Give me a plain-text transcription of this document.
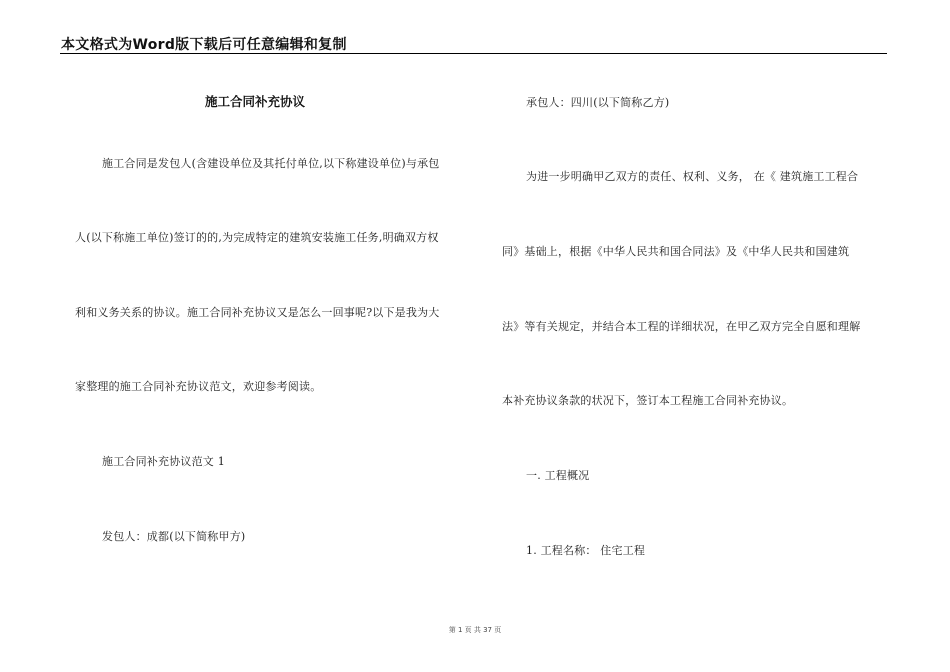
本文格式为Word版下载后可任意编辑和复制
施工合同补充协议
施工合同是发包人(含建设单位及其托付单位,以下称建设单位)与承包
人(以下称施工单位)签订的的,为完成特定的建筑安装施工任务,明确双方权
利和义务关系的协议。施工合同补充协议又是怎么一回事呢?以下是我为大
家整理的施工合同补充协议范文，欢迎参考阅读。
施工合同补充协议范文 1
发包人：成都(以下简称甲方)
承包人：四川(以下简称乙方)
为进一步明确甲乙双方的责任、权利、义务， 在《 建筑施工工程合
同》基础上，根据《中华人民共和国合同法》及《中华人民共和国建筑
法》等有关规定，并结合本工程的详细状况，在甲乙双方完全自愿和理解
本补充协议条款的状况下，签订本工程施工合同补充协议。
一. 工程概况
1. 工程名称： 住宅工程
第 1 页 共 37 页
